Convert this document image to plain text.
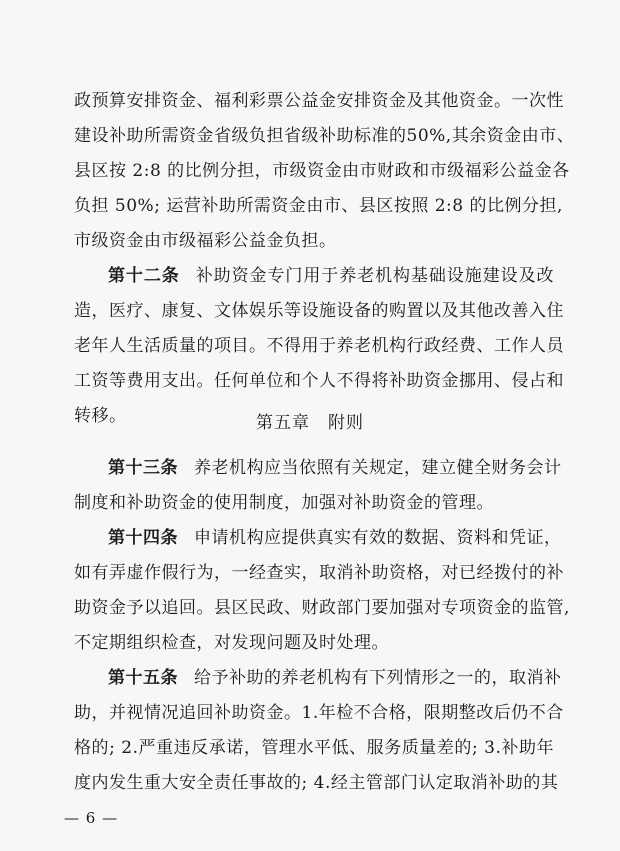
政预算安排资金、福利彩票公益金安排资金及其他资金。一次性
建设补助所需资金省级负担省级补助标准的50%,其余资金由市、
县区按 2:8 的比例分担，市级资金由市财政和市级福彩公益金各
负担 50%; 运营补助所需资金由市、县区按照 2:8 的比例分担,
市级资金由市级福彩公益金负担。
第十二条 补助资金专门用于养老机构基础设施建设及改
造，医疗、康复、文体娱乐等设施设备的购置以及其他改善入住
老年人生活质量的项目。不得用于养老机构行政经费、工作人员
工资等费用支出。任何单位和个人不得将补助资金挪用、侵占和
转移。	第五章 附则
第十三条 养老机构应当依照有关规定，建立健全财务会计
制度和补助资金的使用制度，加强对补助资金的管理。
第十四条 申请机构应提供真实有效的数据、资料和凭证，
如有弄虚作假行为，一经查实，取消补助资格，对已经拨付的补
助资金予以追回。县区民政、财政部门要加强对专项资金的监管,
不定期组织检查，对发现问题及时处理。
第十五条 给予补助的养老机构有下列情形之一的，取消补
助，并视情况追回补助资金。1.年检不合格，限期整改后仍不合
格的; 2.严重违反承诺，管理水平低、服务质量差的; 3.补助年
度内发生重大安全责任事故的; 4.经主管部门认定取消补助的其
— 6 —
